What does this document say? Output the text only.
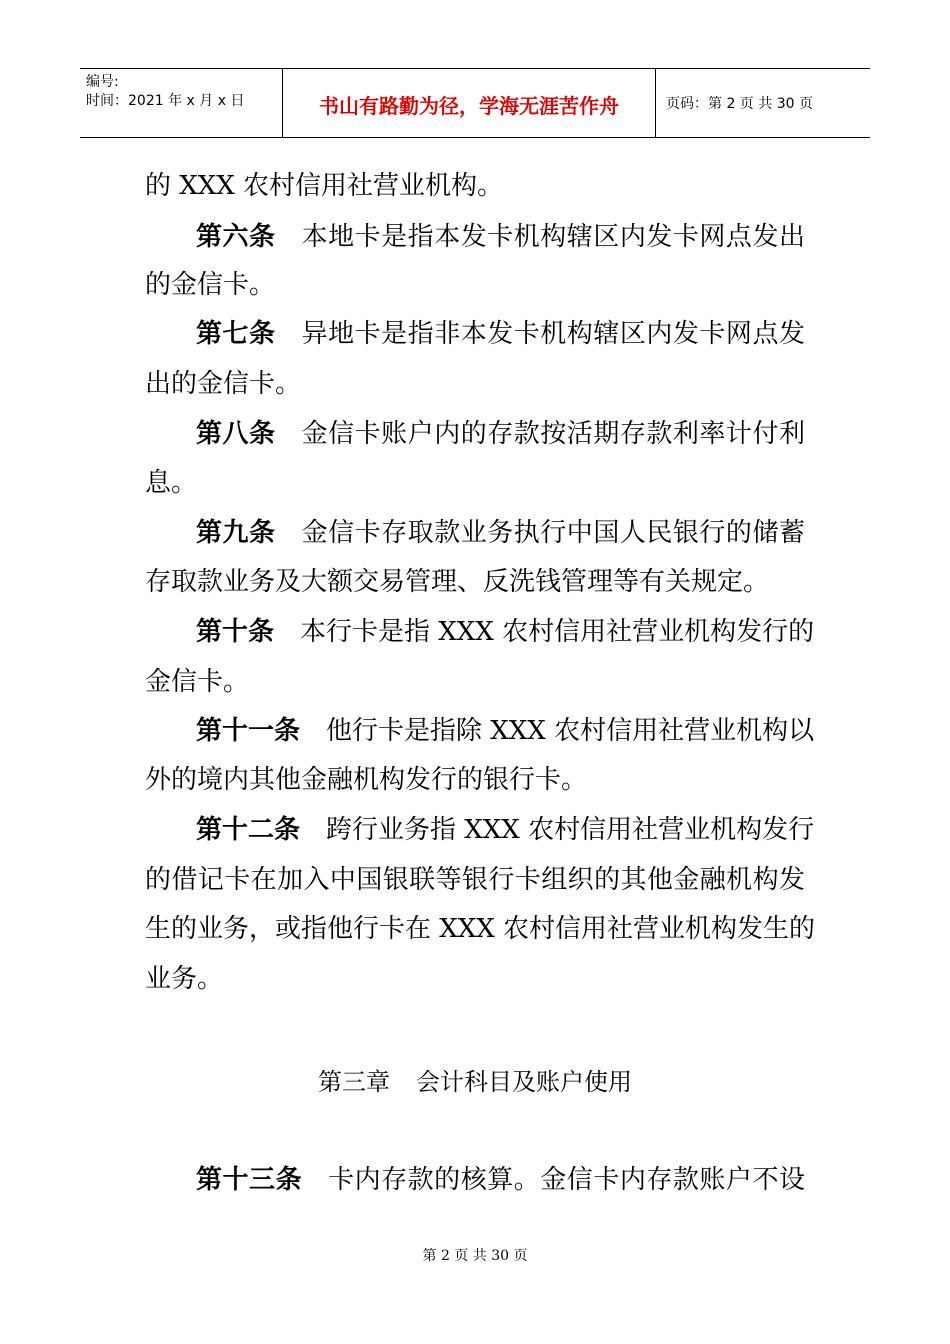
编号:
时间：2021 年 x 月 x 日	书山有路勤为径，学海无涯苦作舟	页码：第 2 页 共 30 页
的 XXX 农村信用社营业机构。
第六条 本地卡是指本发卡机构辖区内发卡网点发出
的金信卡。
第七条 异地卡是指非本发卡机构辖区内发卡网点发
出的金信卡。
第八条 金信卡账户内的存款按活期存款利率计付利
息。
第九条 金信卡存取款业务执行中国人民银行的储蓄
存取款业务及大额交易管理、反洗钱管理等有关规定。
第十条 本行卡是指 XXX 农村信用社营业机构发行的
金信卡。
第十一条 他行卡是指除 XXX 农村信用社营业机构以
外的境内其他金融机构发行的银行卡。
第十二条 跨行业务指 XXX 农村信用社营业机构发行
的借记卡在加入中国银联等银行卡组织的其他金融机构发
生的业务，或指他行卡在 XXX 农村信用社营业机构发生的
业务。
第三章 会计科目及账户使用
第十三条 卡内存款的核算。金信卡内存款账户不设
第 2 页 共 30 页
